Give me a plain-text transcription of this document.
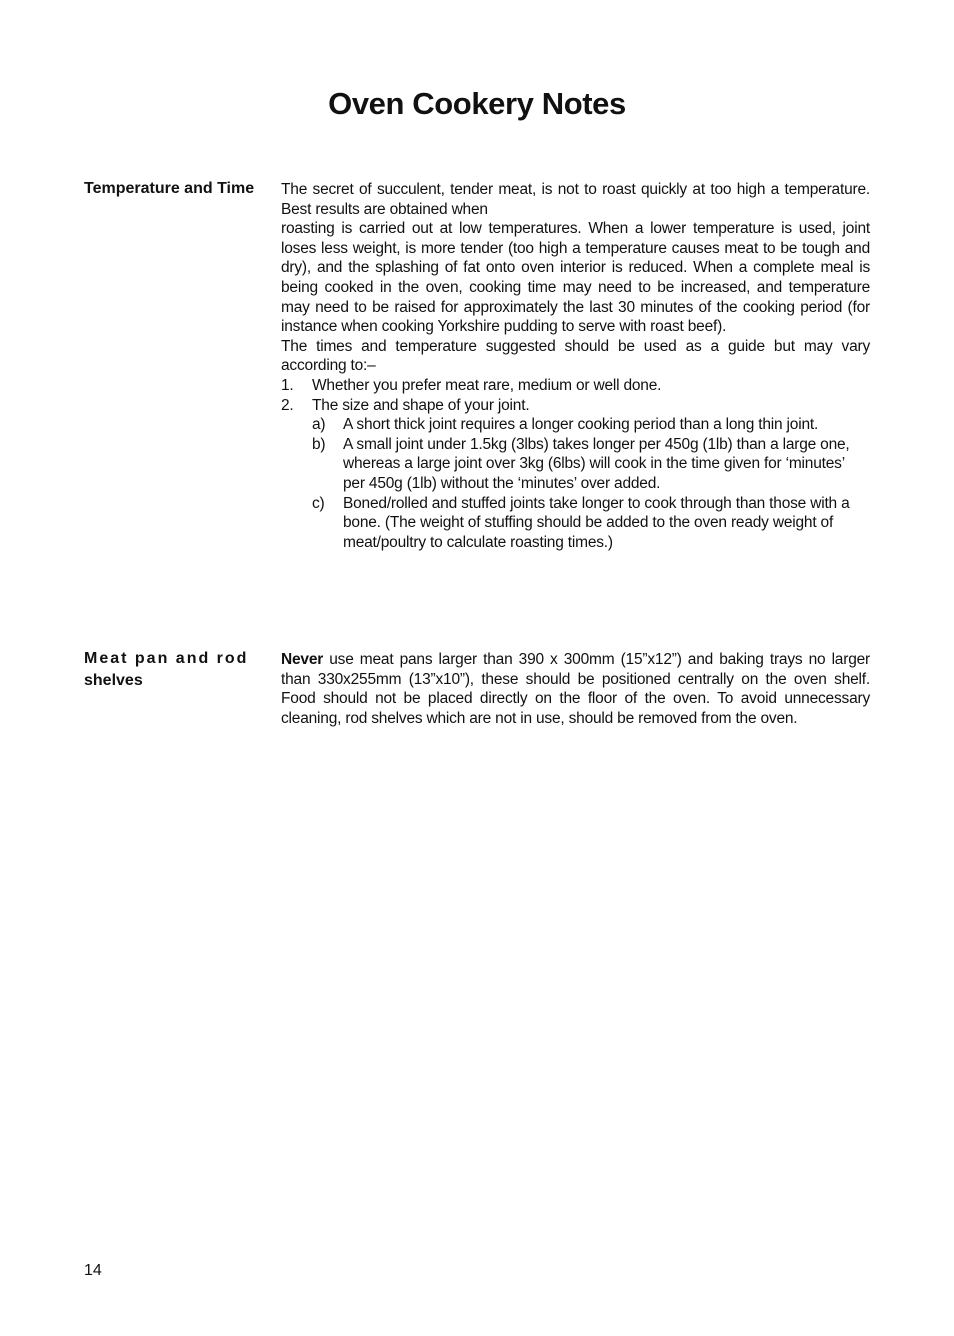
Oven Cookery Notes
Temperature and Time	The secret of succulent, tender meat, is not to roast quickly at too high a temperature. Best results are obtained when

roasting is carried out at low temperatures. When a lower temperature is used, joint loses less weight, is more tender (too high a temperature causes meat to be tough and dry), and the splashing of fat onto oven interior is reduced. When a complete meal is being cooked in the oven, cooking time may need to be increased, and temperature may need to be raised for approximately the last 30 minutes of the cooking period (for instance when cooking Yorkshire pudding to serve with roast beef).

The times and temperature suggested should be used as a guide but may vary according to:–

1.	Whether you prefer meat rare, medium or well done.
2.	The size and shape of your joint.
a)	A short thick joint requires a longer cooking period than a long thin joint.
b)	A small joint under 1.5kg (3lbs) takes longer per 450g (1lb) than a large one, whereas a large joint over 3kg (6lbs) will cook in the time given for ‘minutes’ per 450g (1lb) without the ‘minutes’ over added.
c)	Boned/rolled and stuffed joints take longer to cook through than those with a bone. (The weight of stuffing should be added to the oven ready weight of meat/poultry to calculate roasting times.)
Meat pan and rod
shelves

Never use meat pans larger than 390 x 300mm (15”x12”) and baking trays no larger than 330x255mm (13”x10”), these should be positioned centrally on the oven shelf. Food should not be placed directly on the floor of the oven. To avoid unnecessary cleaning, rod shelves which are not in use, should be removed from the oven.

14
